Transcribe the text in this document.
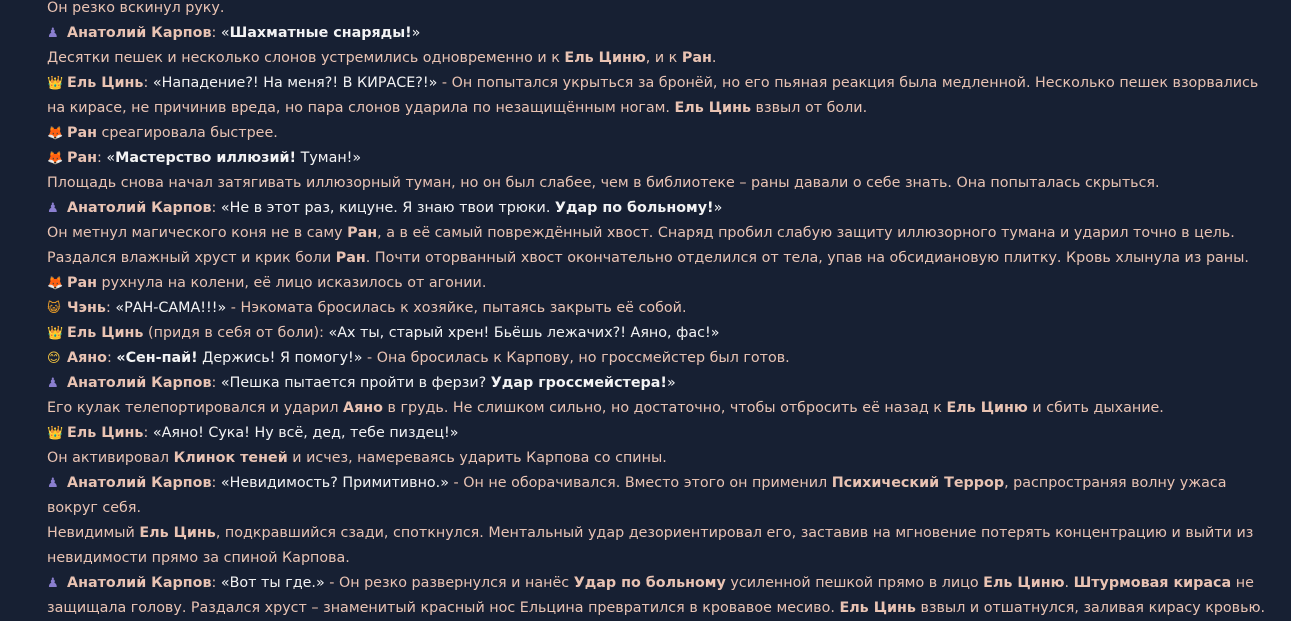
Он резко вскинул руку.
♟ Анатолий Карпов: «Шахматные снаряды!»
Десятки пешек и несколько слонов устремились одновременно и к Ель Циню, и к Ран.
👑 Ель Цинь: «Нападение?! На меня?! В КИРАСЕ?!» - Он попытался укрыться за бронёй, но его пьяная реакция была медленной. Несколько пешек взорвались на кирасе, не причинив вреда, но пара слонов ударила по незащищённым ногам. Ель Цинь взвыл от боли.
🦊 Ран среагировала быстрее.
🦊 Ран: «Мастерство иллюзий! Туман!»
Площадь снова начал затягивать иллюзорный туман, но он был слабее, чем в библиотеке – раны давали о себе знать. Она попыталась скрыться.
♟ Анатолий Карпов: «Не в этот раз, кицуне. Я знаю твои трюки. Удар по больному!»
Он метнул магического коня не в саму Ран, а в её самый повреждённый хвост. Снаряд пробил слабую защиту иллюзорного тумана и ударил точно в цель. Раздался влажный хруст и крик боли Ран. Почти оторванный хвост окончательно отделился от тела, упав на обсидиановую плитку. Кровь хлынула из раны.
🦊 Ран рухнула на колени, её лицо исказилось от агонии.
😺 Чэнь: «РАН-САМА!!!» - Нэкомата бросилась к хозяйке, пытаясь закрыть её собой.
👑 Ель Цинь (придя в себя от боли): «Ах ты, старый хрен! Бьёшь лежачих?! Аяно, фас!»
😊 Аяно: «Сен-пай! Держись! Я помогу!» - Она бросилась к Карпову, но гроссмейстер был готов.
♟ Анатолий Карпов: «Пешка пытается пройти в ферзи? Удар гроссмейстера!»
Его кулак телепортировался и ударил Аяно в грудь. Не слишком сильно, но достаточно, чтобы отбросить её назад к Ель Циню и сбить дыхание.
👑 Ель Цинь: «Аяно! Сука! Ну всё, дед, тебе пиздец!»
Он активировал Клинок теней и исчез, намереваясь ударить Карпова со спины.
♟ Анатолий Карпов: «Невидимость? Примитивно.» - Он не оборачивался. Вместо этого он применил Психический Террор, распространяя волну ужаса вокруг себя.
Невидимый Ель Цинь, подкравшийся сзади, споткнулся. Ментальный удар дезориентировал его, заставив на мгновение потерять концентрацию и выйти из невидимости прямо за спиной Карпова.
♟ Анатолий Карпов: «Вот ты где.» - Он резко развернулся и нанёс Удар по больному усиленной пешкой прямо в лицо Ель Циню. Штурмовая кираса не защищала голову. Раздался хруст – знаменитый красный нос Ельцина превратился в кровавое месиво. Ель Цинь взвыл и отшатнулся, заливая кирасу кровью.
